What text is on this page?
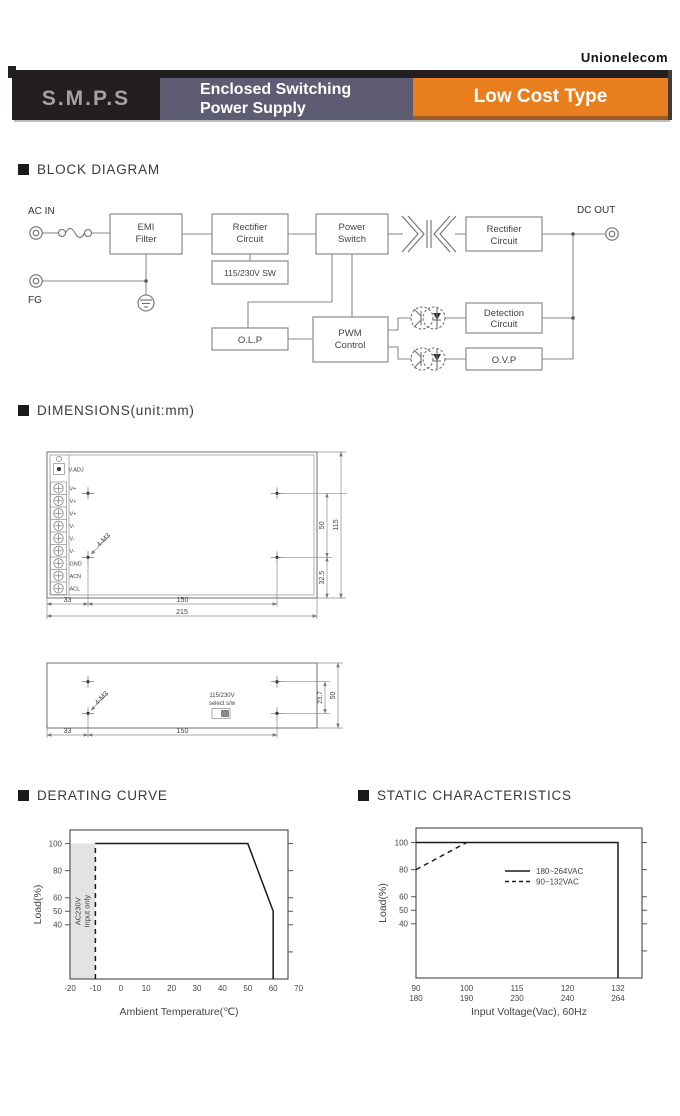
Unionelecom
S.M.P.S	Enclosed Switching
Power Supply
Low Cost Type
BLOCK DIAGRAM
DIMENSIONS(unit:mm)
DERATING CURVE	STATIC CHARACTERISTICS
EMI
Filter
Rectifier
Circuit
115/230V SW
Power
Switch
Rectifier
Circuit
O.L.P
PWM
Control
Detection
Circuit
O.V.P
AC IN
FG
DC OUT
V.ADJ
V+
V+
V+
V-
V-
V-
GND
ACN
ACL
4-M3
33	150
215
50 115
32.5
4-M3	115/230V
select s/w
33	150
23.7 50
100
80
60
50
40
-20 -10 0 10 20 30 40 50 60 70
AC230V Input only
Load(%)
Ambient Temperature(℃)
100
80
60
50
40
90
180
100
190
115
230
120
240
132
264
180~264VAC
90~132VAC
Load(%)
Input Voltage(Vac), 60Hz
